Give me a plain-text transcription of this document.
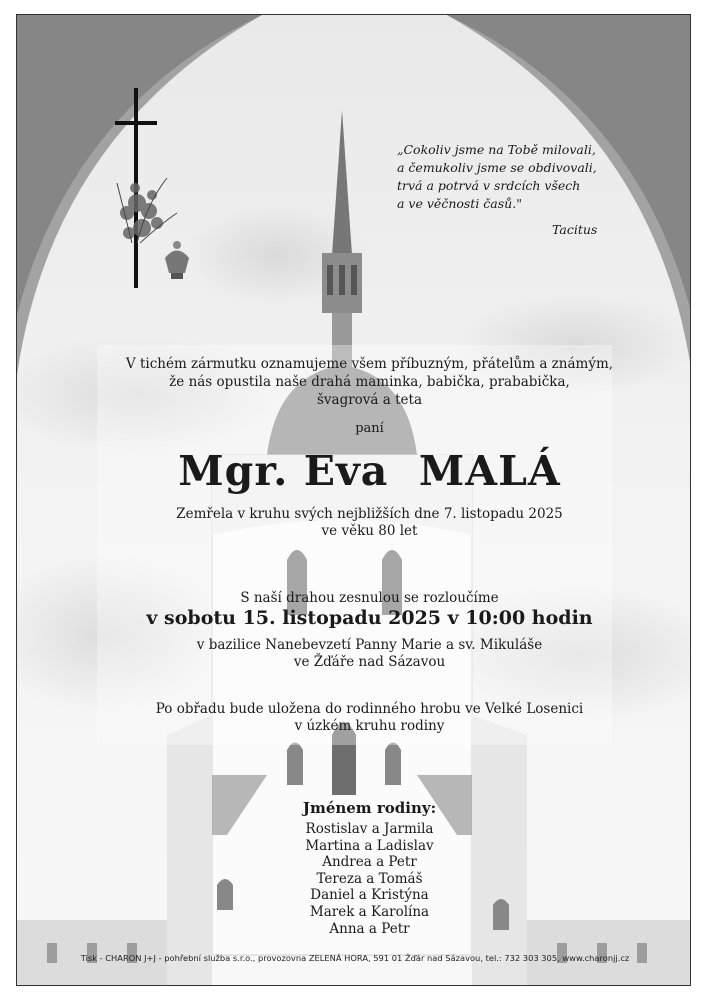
„Cokoliv jsme na Tobě milovali,
a čemukoliv jsme se obdivovali,
trvá a potrvá v srdcích všech
a ve věčnosti časů."
Tacitus
V tichém zármutku oznamujeme všem příbuzným, přátelům a známým,
že nás opustila naše drahá maminka, babička, prababička,
švagrová a teta
paní
Mgr. Eva  MALÁ
Zemřela v kruhu svých nejbližších dne 7. listopadu 2025
ve věku 80 let
S naší drahou zesnulou se rozloučíme
v sobotu 15. listopadu 2025 v 10:00 hodin
v bazilice Nanebevzetí Panny Marie a sv. Mikuláše
ve Žďáře nad Sázavou
Po obřadu bude uložena do rodinného hrobu ve Velké Losenici
v úzkém kruhu rodiny
Jménem rodiny:
Rostislav a Jarmila
Martina a Ladislav
Andrea a Petr
Tereza a Tomáš
Daniel a Kristýna
Marek a Karolína
Anna a Petr
Tisk - CHARON J+J - pohřební služba s.r.o., provozovna ZELENÁ HORA, 591 01 Žďár nad Sázavou, tel.: 732 303 305, www.charonjj.cz
